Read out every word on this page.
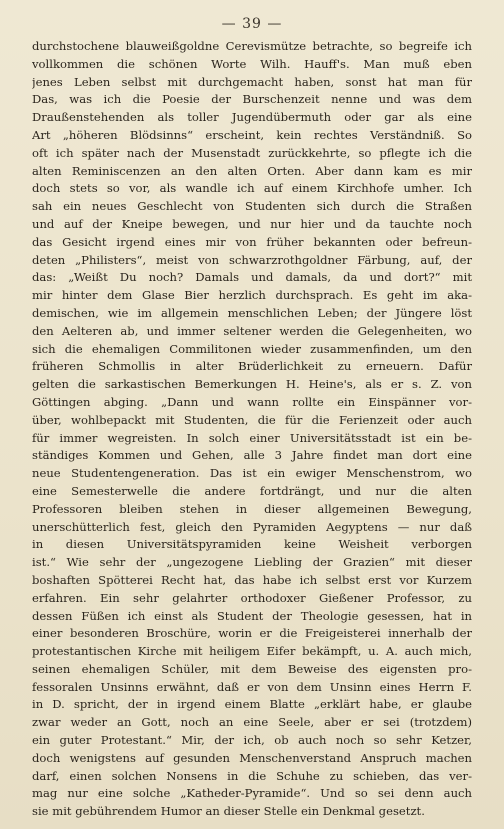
— 39 —
durchstochene blauweißgoldne Cerevismütze betrachte, so begreife ich
vollkommen die schönen Worte Wilh. Hauff's. Man muß eben
jenes Leben selbst mit durchgemacht haben, sonst hat man für
Das, was ich die Poesie der Burschenzeit nenne und was dem
Draußenstehenden als toller Jugendübermuth oder gar als eine
Art „höheren Blödsinns“ erscheint, kein rechtes Verständniß. So
oft ich später nach der Musenstadt zurückkehrte, so pflegte ich die
alten Reminiscenzen an den alten Orten. Aber dann kam es mir
doch stets so vor, als wandle ich auf einem Kirchhofe umher. Ich
sah ein neues Geschlecht von Studenten sich durch die Straßen
und auf der Kneipe bewegen, und nur hier und da tauchte noch
das Gesicht irgend eines mir von früher bekannten oder befreun-
deten „Philisters“, meist von schwarzrothgoldner Färbung, auf, der
das: „Weißt Du noch? Damals und damals, da und dort?“ mit
mir hinter dem Glase Bier herzlich durchsprach. Es geht im aka-
demischen, wie im allgemein menschlichen Leben; der Jüngere löst
den Aelteren ab, und immer seltener werden die Gelegenheiten, wo
sich die ehemaligen Commilitonen wieder zusammenfinden, um den
früheren Schmollis in alter Brüderlichkeit zu erneuern. Dafür
gelten die sarkastischen Bemerkungen H. Heine's, als er s. Z. von
Göttingen abging. „Dann und wann rollte ein Einspänner vor-
über, wohlbepackt mit Studenten, die für die Ferienzeit oder auch
für immer wegreisten. In solch einer Universitätsstadt ist ein be-
ständiges Kommen und Gehen, alle 3 Jahre findet man dort eine
neue Studentengeneration. Das ist ein ewiger Menschenstrom, wo
eine Semesterwelle die andere fortdrängt, und nur die alten
Professoren bleiben stehen in dieser allgemeinen Bewegung,
unerschütterlich fest, gleich den Pyramiden Aegyptens — nur daß
in diesen Universitätspyramiden keine Weisheit verborgen
ist.“ Wie sehr der „ungezogene Liebling der Grazien“ mit dieser
boshaften Spötterei Recht hat, das habe ich selbst erst vor Kurzem
erfahren. Ein sehr gelahrter orthodoxer Gießener Professor, zu
dessen Füßen ich einst als Student der Theologie gesessen, hat in
einer besonderen Broschüre, worin er die Freigeisterei innerhalb der
protestantischen Kirche mit heiligem Eifer bekämpft, u. A. auch mich,
seinen ehemaligen Schüler, mit dem Beweise des eigensten pro-
fessoralen Unsinns erwähnt, daß er von dem Unsinn eines Herrn F.
in D. spricht, der in irgend einem Blatte „erklärt habe, er glaube
zwar weder an Gott, noch an eine Seele, aber er sei (trotzdem)
ein guter Protestant.“ Mir, der ich, ob auch noch so sehr Ketzer,
doch wenigstens auf gesunden Menschenverstand Anspruch machen
darf, einen solchen Nonsens in die Schuhe zu schieben, das ver-
mag nur eine solche „Katheder-Pyramide“. Und so sei denn auch
sie mit gebührendem Humor an dieser Stelle ein Denkmal gesetzt.
